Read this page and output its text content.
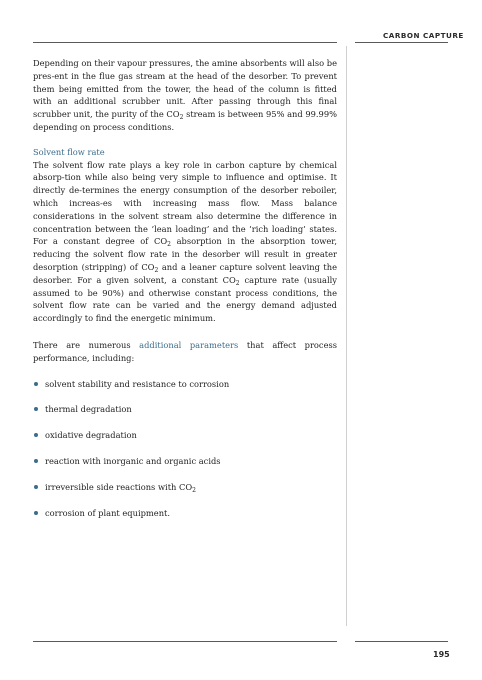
CARBON CAPTURE

Depending on their vapour pressures, the amine absorbents will also be pres-ent in the flue gas stream at the head of the desorber. To prevent them being emitted from the tower, the head of the column is fitted with an additional scrubber unit. After passing through this final scrubber unit, the purity of the $CO_2$ stream is between 95% and 99.99% depending on process conditions.

Solvent flow rate

The solvent flow rate plays a key role in carbon capture by chemical absorp-tion while also being very simple to influence and optimise. It directly de-termines the energy consumption of the desorber reboiler, which increas-es with increasing mass flow. Mass balance considerations in the solvent stream also determine the difference in concentration between the ’lean loading’ and the ’rich loading’ states. For a constant degree of $CO_2$ absorption in the absorption tower, reducing the solvent flow rate in the desorber will result in greater desorption (stripping) of $CO_2$ and a leaner capture solvent leaving the desorber. For a given solvent, a constant $CO_2$ capture rate (usually assumed to be 90%) and otherwise constant process conditions, the solvent flow rate can be varied and the energy demand adjusted accordingly to find the energetic minimum.

There are numerous additional parameters that affect process performance, including:

solvent stability and resistance to corrosion
thermal degradation
oxidative degradation
reaction with inorganic and organic acids
irreversible side reactions with $CO_2$
corrosion of plant equipment.
195
